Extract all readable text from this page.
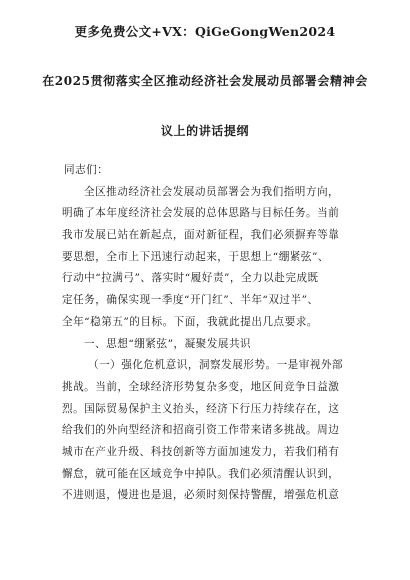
更多免费公文+VX：QiGeGongWen2024
在2025贯彻落实全区推动经济社会发展动员部署会精神会
议上的讲话提纲
同志们：
全区推动经济社会发展动员部署会为我们指明方向，
明确了本年度经济社会发展的总体思路与目标任务。当前
我市发展已站在新起点，面对新征程，我们必须摒弃等靠
要思想，全市上下迅速行动起来，于思想上“绷紧弦”、
行动中“拉满弓”、落实时“履好责”，全力以赴完成既
定任务，确保实现一季度“开门红”、半年“双过半”、
全年“稳第五”的目标。下面，我就此提出几点要求。
一、思想“绷紧弦”，凝聚发展共识
（一）强化危机意识，洞察发展形势。一是审视外部
挑战。当前，全球经济形势复杂多变，地区间竞争日益激
烈。国际贸易保护主义抬头，经济下行压力持续存在，这
给我们的外向型经济和招商引资工作带来诸多挑战。周边
城市在产业升级、科技创新等方面加速发力，若我们稍有
懈怠，就可能在区域竞争中掉队。我们必须清醒认识到，
不进则退，慢进也是退，必须时刻保持警醒，增强危机意
